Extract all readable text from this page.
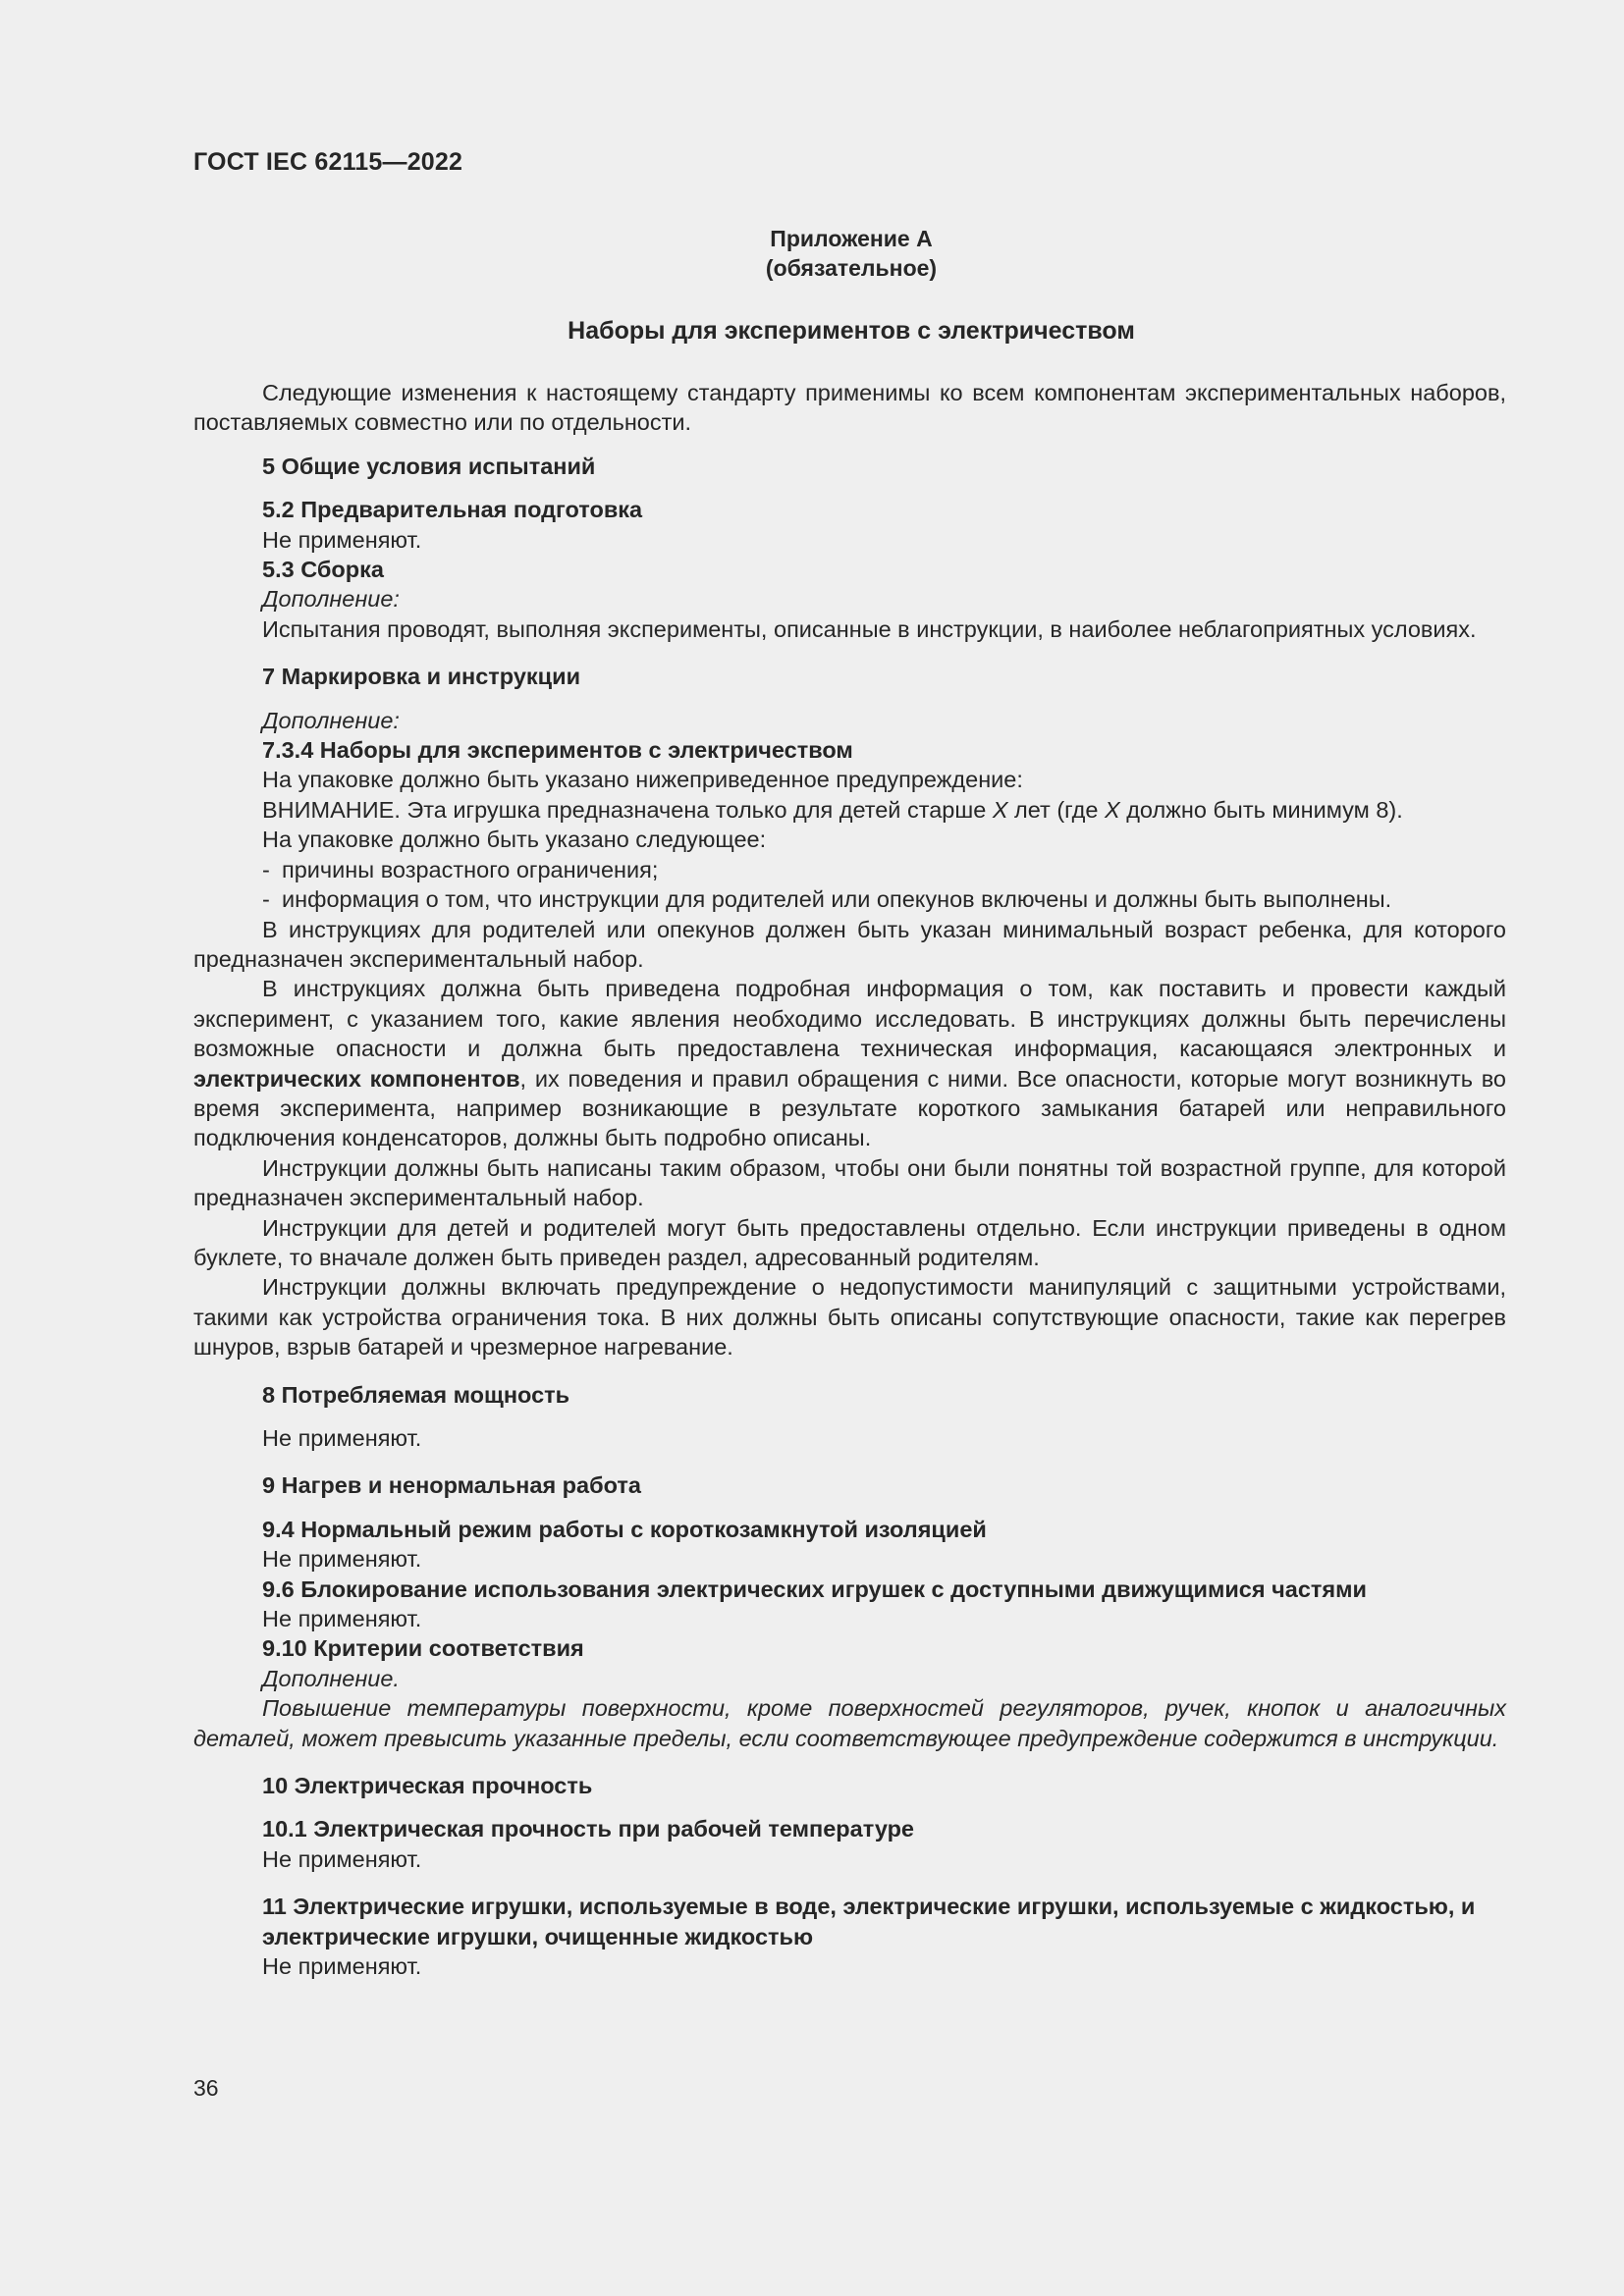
ГОСТ IEC 62115—2022
Приложение А
(обязательное)
Наборы для экспериментов с электричеством

Следующие изменения к настоящему стандарту применимы ко всем компонентам экспериментальных наборов, поставляемых совместно или по отдельности.

5 Общие условия испытаний

5.2 Предварительная подготовка

Не применяют.

5.3 Сборка

Дополнение:

Испытания проводят, выполняя эксперименты, описанные в инструкции, в наиболее неблагоприятных условиях.

7 Маркировка и инструкции

Дополнение:

7.3.4 Наборы для экспериментов с электричеством

На упаковке должно быть указано нижеприведенное предупреждение:

ВНИМАНИЕ. Эта игрушка предназначена только для детей старше X лет (где X должно быть минимум 8).

На упаковке должно быть указано следующее:

- причины возрастного ограничения;
- информация о том, что инструкции для родителей или опекунов включены и должны быть выполнены.

В инструкциях для родителей или опекунов должен быть указан минимальный возраст ребенка, для которого предназначен экспериментальный набор.

В инструкциях должна быть приведена подробная информация о том, как поставить и провести каждый эксперимент, с указанием того, какие явления необходимо исследовать. В инструкциях должны быть перечислены возможные опасности и должна быть предоставлена техническая информация, касающаяся электронных и электрических компонентов, их поведения и правил обращения с ними. Все опасности, которые могут возникнуть во время эксперимента, например возникающие в результате короткого замыкания батарей или неправильного подключения конденсаторов, должны быть подробно описаны.

Инструкции должны быть написаны таким образом, чтобы они были понятны той возрастной группе, для которой предназначен экспериментальный набор.

Инструкции для детей и родителей могут быть предоставлены отдельно. Если инструкции приведены в одном буклете, то вначале должен быть приведен раздел, адресованный родителям.

Инструкции должны включать предупреждение о недопустимости манипуляций с защитными устройствами, такими как устройства ограничения тока. В них должны быть описаны сопутствующие опасности, такие как перегрев шнуров, взрыв батарей и чрезмерное нагревание.

8 Потребляемая мощность

Не применяют.

9 Нагрев и ненормальная работа

9.4 Нормальный режим работы с короткозамкнутой изоляцией

Не применяют.

9.6 Блокирование использования электрических игрушек с доступными движущимися частями

Не применяют.

9.10 Критерии соответствия

Дополнение.

Повышение температуры поверхности, кроме поверхностей регуляторов, ручек, кнопок и аналогичных деталей, может превысить указанные пределы, если соответствующее предупреждение содержится в инструкции.

10 Электрическая прочность

10.1 Электрическая прочность при рабочей температуре

Не применяют.

11 Электрические игрушки, используемые в воде, электрические игрушки, используемые с жидкостью, и электрические игрушки, очищенные жидкостью

Не применяют.

36
